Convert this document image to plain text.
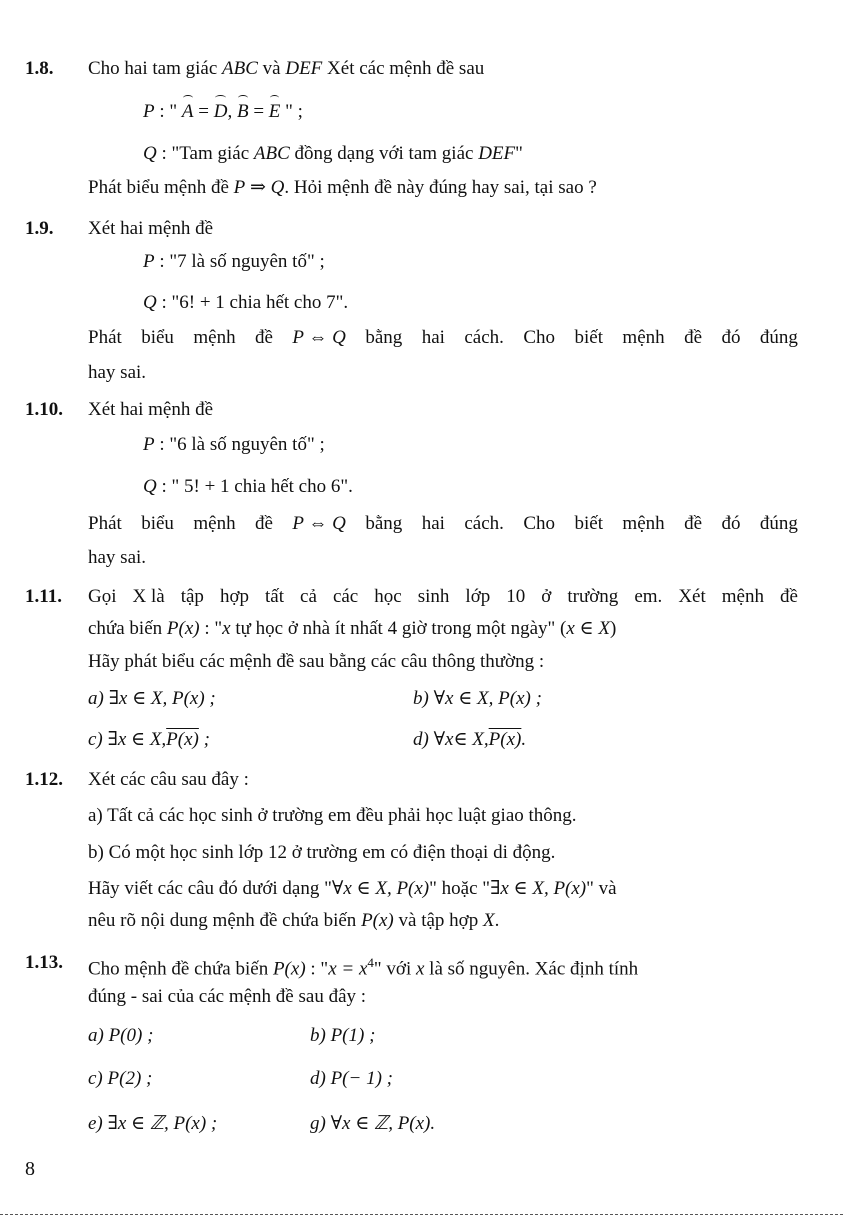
1.8. Cho hai tam giác ABC và DEF Xét các mệnh đề sau
P : " A = D, B = E " ;
Q : "Tam giác ABC đồng dạng với tam giác DEF"
Phát biểu mệnh đề P ⇒ Q. Hỏi mệnh đề này đúng hay sai, tại sao ?
1.9. Xét hai mệnh đề
P : "7 là số nguyên tố" ;
Q : "6! + 1 chia hết cho 7".
Phát biểu mệnh đề P ⇔ Q bằng hai cách. Cho biết mệnh đề đó đúng
hay sai.
1.10. Xét hai mệnh đề
P : "6 là số nguyên tố" ;
Q : " 5! + 1 chia hết cho 6".
Phát biểu mệnh đề P ⇔ Q bằng hai cách. Cho biết mệnh đề đó đúng
hay sai.
1.11. Gọi X là tập hợp tất cả các học sinh lớp 10 ở trường em. Xét mệnh đề
chứa biến P(x) : "x tự học ở nhà ít nhất 4 giờ trong một ngày" (x ∈ X)
Hãy phát biểu các mệnh đề sau bằng các câu thông thường :
a) ∃x ∈ X, P(x) ;	b) ∀x ∈ X, P(x) ;
c) ∃x ∈ X,P(x) ;	d) ∀x∈ X,P(x).
1.12. Xét các câu sau đây :
a) Tất cả các học sinh ở trường em đều phải học luật giao thông.
b) Có một học sinh lớp 12 ở trường em có điện thoại di động.
Hãy viết các câu đó dưới dạng "∀x ∈ X, P(x)" hoặc "∃x ∈ X, P(x)" và
nêu rõ nội dung mệnh đề chứa biến P(x) và tập hợp X.
1.13. Cho mệnh đề chứa biến P(x) : "$x = x^4$" với x là số nguyên. Xác định tính
đúng - sai của các mệnh đề sau đây :
a) P(0) ;	b) P(1) ;
c) P(2) ;	d) P(− 1) ;
e) ∃x ∈ ℤ, P(x) ;	g) ∀x ∈ ℤ, P(x).
8
